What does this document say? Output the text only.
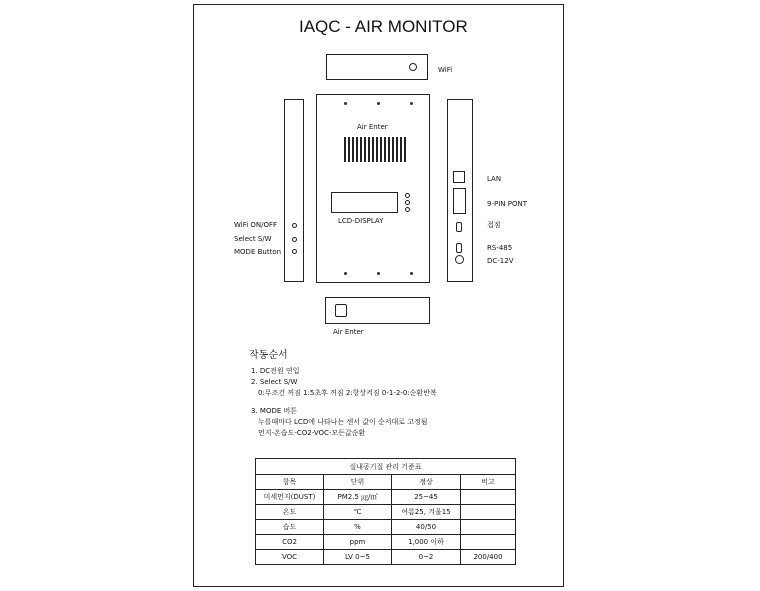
IAQC - AIR MONITOR
WiFi
WiFi ON/OFF
Select S/W
MODE Button
Air Enter
LCD-DISPLAY
LAN
9-PIN PONT
접점
RS-485
DC-12V
Air Enter
작동순서
1. DC전원 연입
2. Select S/W
0:무조건 꺼짐 1:5초후 꺼짐 2:항상켜짐 0-1-2-0:순환반복
3. MODE 버튼
누를때마다 LCD에 나타나는 센서 값이 순서대로 고정됨
먼지-온습도-CO2-VOC-모든값순환
실내공기질 관리 기준표			
항목	단위	정상	비고
미세먼지(DUST)	PM2.5 ㎍/㎥	25~45	
온도	℃	여름25, 겨울15	
습도	%	40/50	
CO2	ppm	1,000 이하	
VOC	LV 0~5	0~2	200/400
